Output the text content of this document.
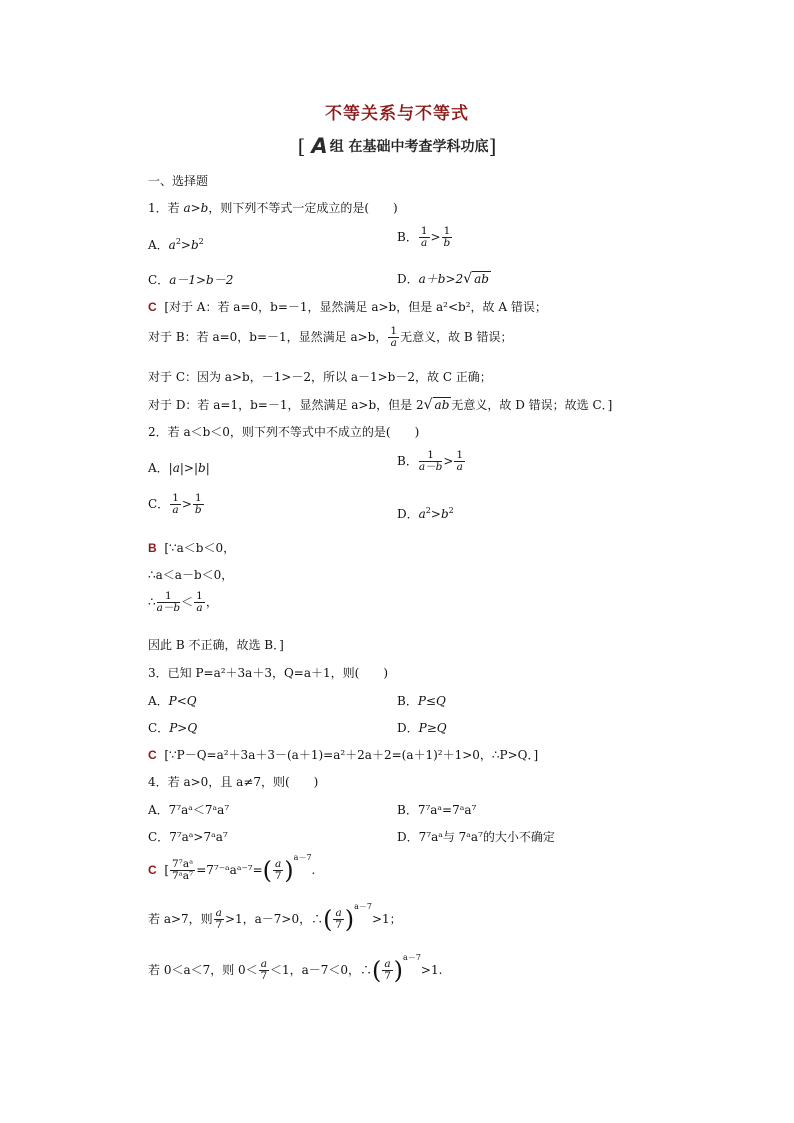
不等关系与不等式
[ A 组 在基础中考查学科功底]
一、选择题
1．若 a>b，则下列不等式一定成立的是(　　)
A．$a^2>b^2$	B． $\frac{1}{a} > \frac{1}{b}$
C．a－1>b－2	D．a＋b>2√ ab
C [对于 A：若 a=0，b=－1，显然满足 a>b，但是 a²<b²，故 A 错误；
对于 B：若 a=0，b=－1，显然满足 a>b， $\frac{1}{a}$ 无意义，故 B 错误；
对于 C：因为 a>b，－1>－2，所以 a－1>b－2，故 C 正确；
对于 D：若 a=1，b=－1，显然满足 a>b，但是 2√ ab 无意义，故 D 错误；故选 C．]
2．若 a＜b＜0，则下列不等式中不成立的是(　　)
A．|a|>|b|	B． $\frac{1}{a-b} > \frac{1}{a}$
C． $\frac{1}{a} > \frac{1}{b}$	D．$a^2>b^2$
B [∵a＜b＜0，
∴a＜a－b＜0，
∴ $\frac{1}{a-b} < \frac{1}{a}$ ，
因此 B 不正确，故选 B．]
3．已知 P=a²＋3a＋3，Q=a＋1，则(　　)
A．P<Q	B．P≤Q
C．P>Q	D．P≥Q
C [∵P－Q=a²＋3a＋3－(a＋1)=a²＋2a＋2=(a＋1)²＋1>0，∴P>Q．]
4．若 a>0，且 a≠7，则(　　)
A．7⁷aᵃ＜7ᵃa⁷	B．7⁷aᵃ=7ᵃa⁷
C．7⁷aᵃ>7ᵃa⁷	D．7⁷aᵃ与 7ᵃa⁷的大小不确定
C [ $\frac{\text{7⁷aᵃ}}{\text{7ᵃa⁷}}$ =7⁷⁻ᵃaᵃ⁻⁷=( $\frac{a}{7} )^{a-7}$.
若 a>7，则 $\frac{a}{7} >1$，a－7>0，∴( $\frac{a}{7} )^{a-7}>1$；
若 0＜a＜7，则 $0< \frac{a}{7} <1$，a－7＜0，∴( $\frac{a}{7} )^{a-7}>1$.
